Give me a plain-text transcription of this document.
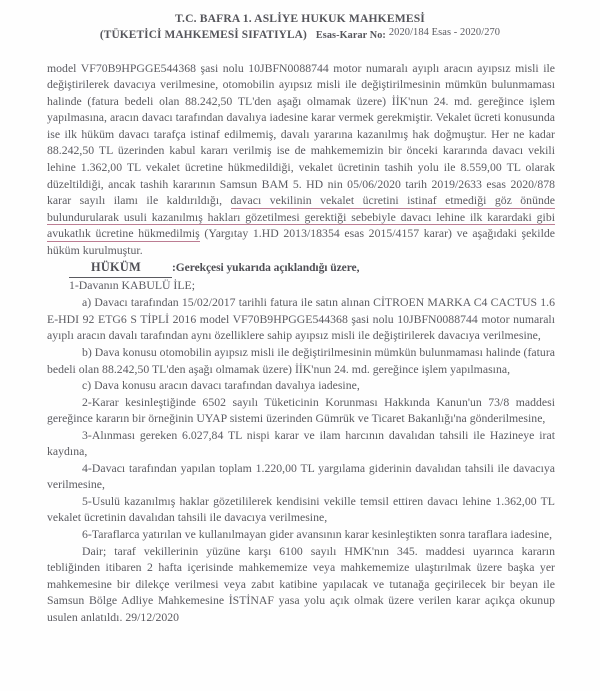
T.C. BAFRA 1. ASLİYE HUKUK MAHKEMESİ
(TÜKETİCİ MAHKEMESİ SIFATIYLA) Esas-Karar No: 2020/184 Esas - 2020/270

model VF70B9HPGGE544368 şasi nolu 10JBFN0088744 motor numaralı ayıplı aracın ayıpsız misli ile değiştirilerek davacıya verilmesine, otomobilin ayıpsız misli ile değiştirilmesinin mümkün bulunmaması halinde (fatura bedeli olan 88.242,50 TL'den aşağı olmamak üzere) İİK'nun 24. md. gereğince işlem yapılmasına, aracın davacı tarafından davalıya iadesine karar vermek gerekmiştir. Vekalet ücreti konusunda ise ilk hüküm davacı tarafça istinaf edilmemiş, davalı yararına kazanılmış hak doğmuştur. Her ne kadar 88.242,50 TL üzerinden kabul kararı verilmiş ise de mahkememizin bir önceki kararında davacı vekili lehine 1.362,00 TL vekalet ücretine hükmedildiği, vekalet ücretinin tashih yolu ile 8.559,00 TL olarak düzeltildiği, ancak tashih kararının Samsun BAM 5. HD nin 05/06/2020 tarih 2019/2633 esas 2020/878 karar sayılı ilamı ile kaldırıldığı, davacı vekilinin vekalet ücretini istinaf etmediği göz önünde bulundurularak usuli kazanılmış hakları gözetilmesi gerektiği sebebiyle davacı lehine ilk karardaki gibi avukatlık ücretine hükmedilmiş (Yargıtay 1.HD 2013/18354 esas 2015/4157 karar) ve aşağıdaki şekilde hüküm kurulmuştur.

HÜKÜM	:Gerekçesi yukarıda açıklandığı üzere,

1-Davanın KABULÜ İLE;

a) Davacı tarafından 15/02/2017 tarihli fatura ile satın alınan CİTROEN MARKA C4 CACTUS 1.6 E-HDI 92 ETG6 S TİPLİ 2016 model VF70B9HPGGE544368 şasi nolu 10JBFN0088744 motor numaralı ayıplı aracın davalı tarafından aynı özelliklere sahip ayıpsız misli ile değiştirilerek davacıya verilmesine,

b) Dava konusu otomobilin ayıpsız misli ile değiştirilmesinin mümkün bulunmaması halinde (fatura bedeli olan 88.242,50 TL'den aşağı olmamak üzere) İİK'nun 24. md. gereğince işlem yapılmasına,

c) Dava konusu aracın davacı tarafından davalıya iadesine,

2-Karar kesinleştiğinde 6502 sayılı Tüketicinin Korunması Hakkında Kanun'un 73/8 maddesi gereğince kararın bir örneğinin UYAP sistemi üzerinden Gümrük ve Ticaret Bakanlığı'na gönderilmesine,

3-Alınması gereken 6.027,84 TL nispi karar ve ilam harcının davalıdan tahsili ile Hazineye irat kaydına,

4-Davacı tarafından yapılan toplam 1.220,00 TL yargılama giderinin davalıdan tahsili ile davacıya verilmesine,

5-Usulü kazanılmış haklar gözetililerek kendisini vekille temsil ettiren davacı lehine 1.362,00 TL vekalet ücretinin davalıdan tahsili ile davacıya verilmesine,

6-Taraflarca yatırılan ve kullanılmayan gider avansının karar kesinleştikten sonra taraflara iadesine,

Dair; taraf vekillerinin yüzüne karşı 6100 sayılı HMK'nın 345. maddesi uyarınca kararın tebliğinden itibaren 2 hafta içerisinde mahkememize veya mahkememize ulaştırılmak üzere başka yer mahkemesine bir dilekçe verilmesi veya zabıt katibine yapılacak ve tutanağa geçirilecek bir beyan ile Samsun Bölge Adliye Mahkemesine İSTİNAF yasa yolu açık olmak üzere verilen karar açıkça okunup usulen anlatıldı. 29/12/2020
